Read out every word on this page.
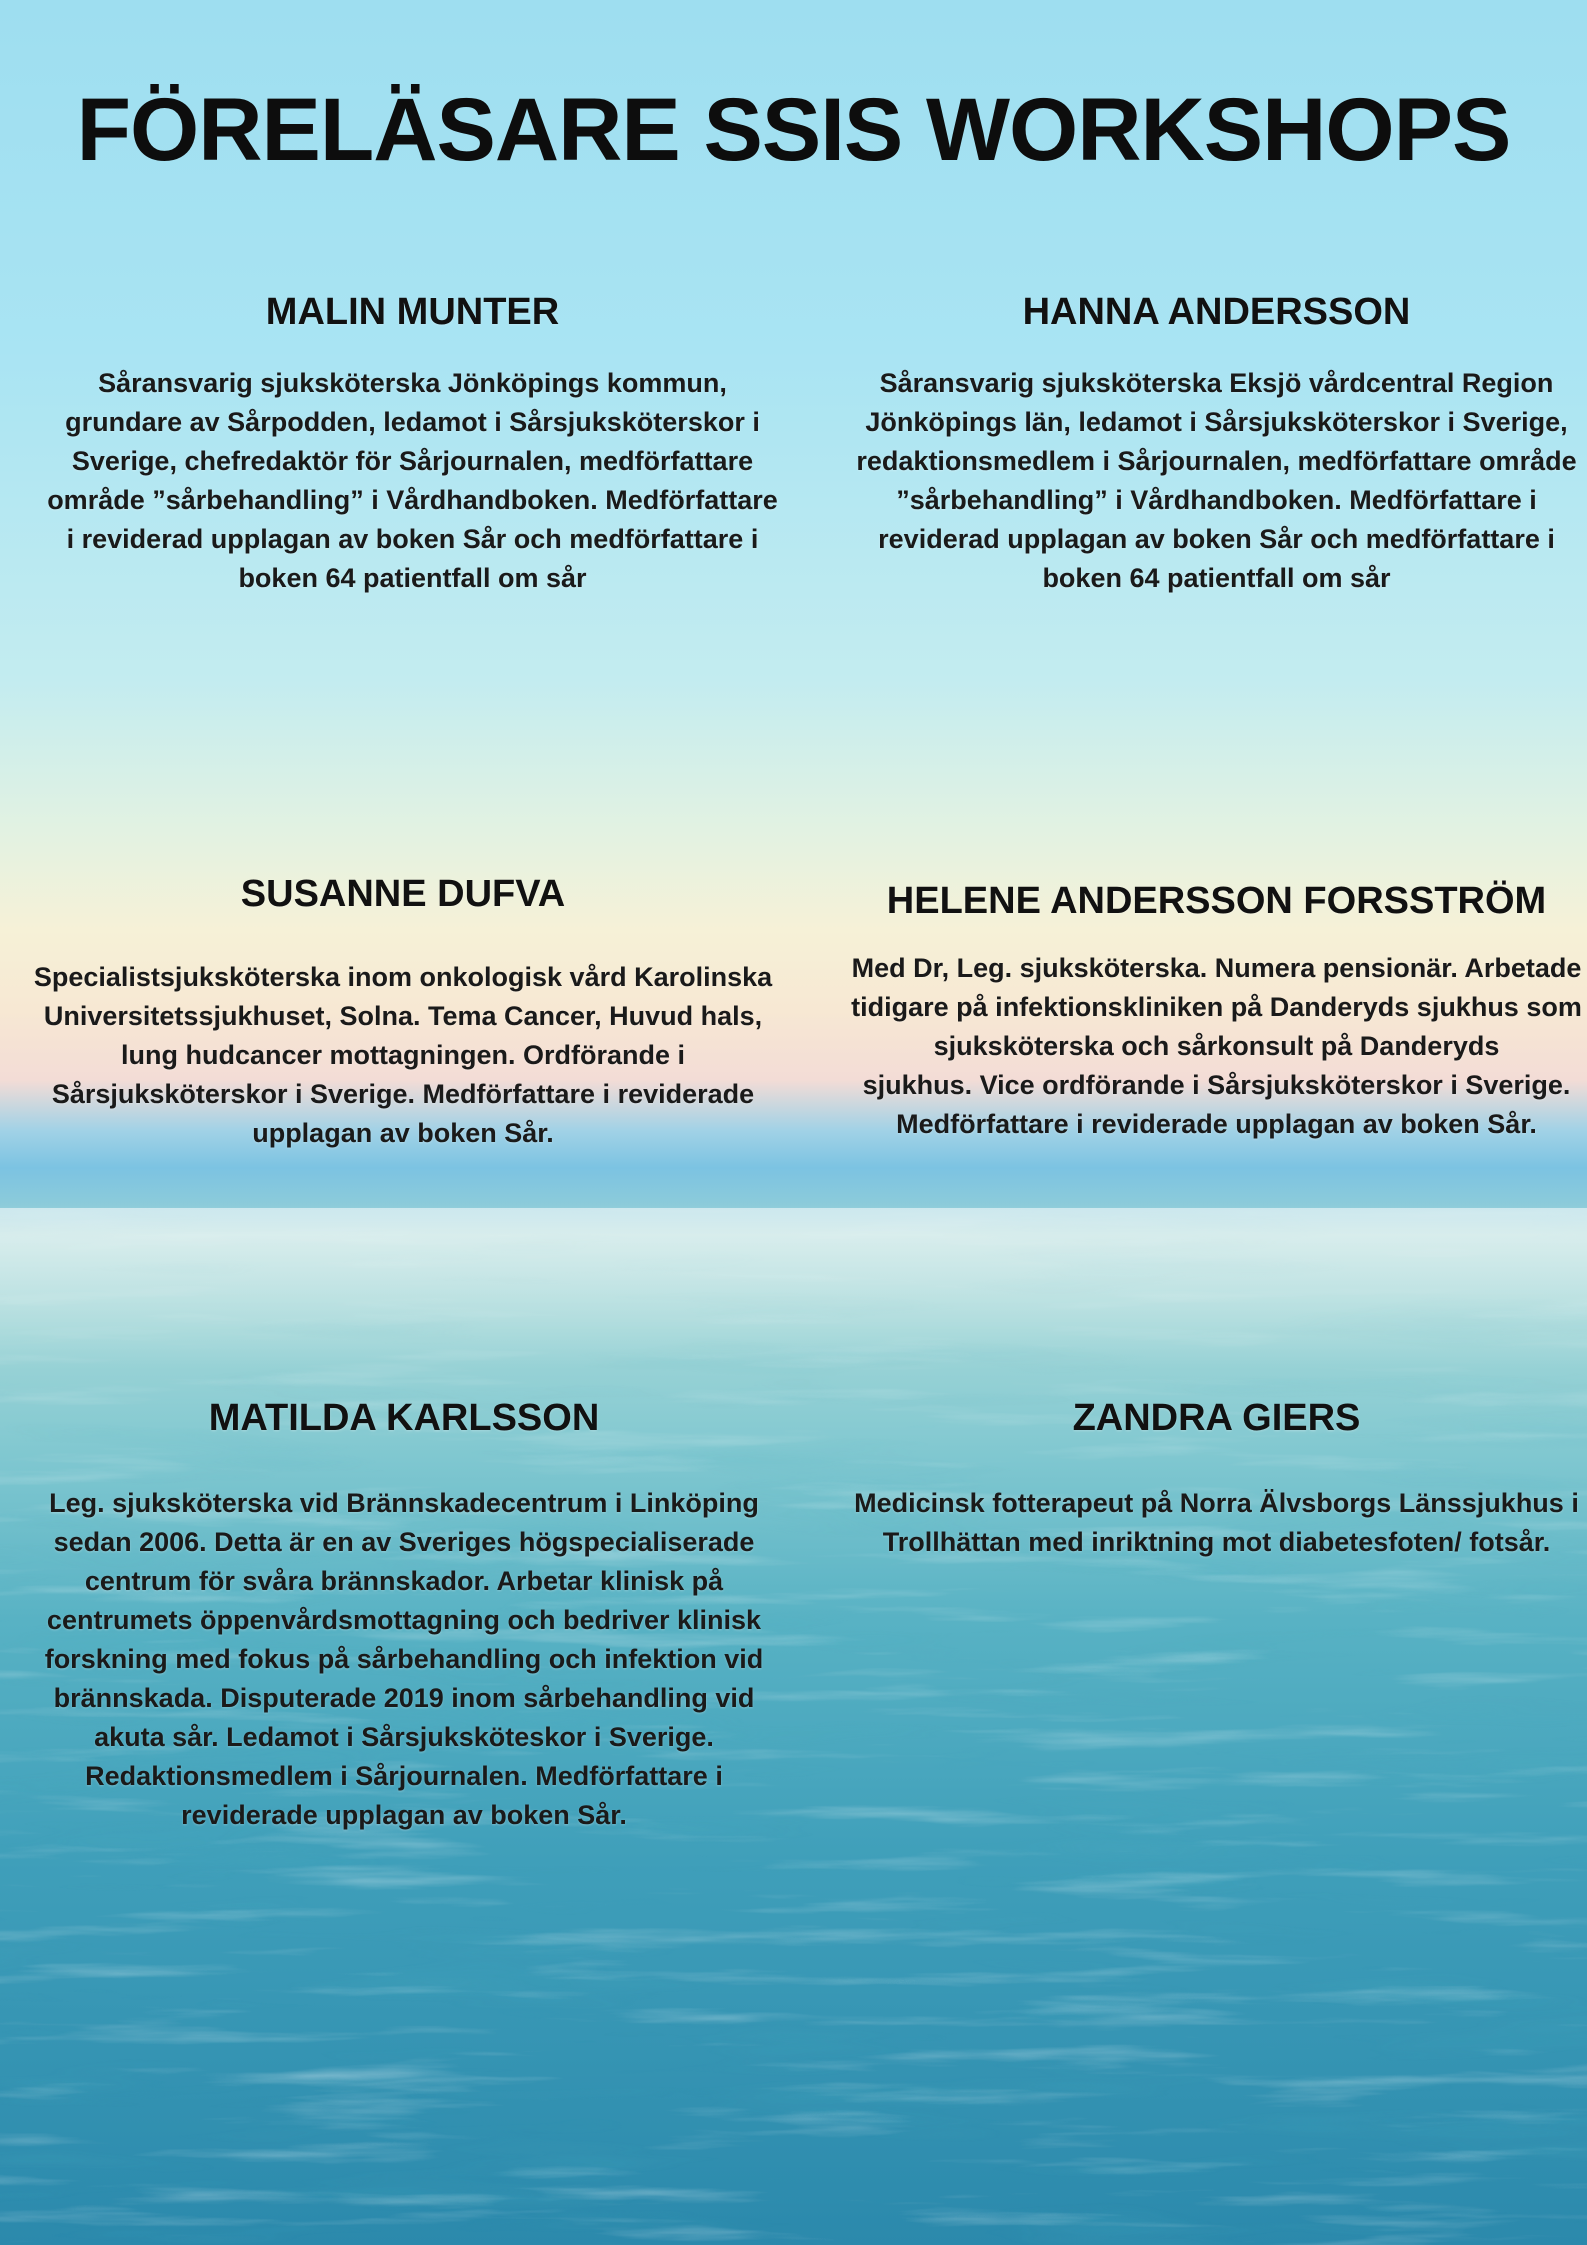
FÖRELÄSARE SSIS WORKSHOPS
MALIN MUNTER

Såransvarig sjuksköterska Jönköpings kommun, grundare av Sårpodden, ledamot i Sårsjuksköterskor i Sverige, chefredaktör för Sårjournalen, medförfattare område ”sårbehandling” i Vårdhandboken. Medförfattare i reviderad upplagan av boken Sår och medförfattare i boken 64 patientfall om sår

HANNA ANDERSSON

Såransvarig sjuksköterska Eksjö vårdcentral Region Jönköpings län, ledamot i Sårsjuksköterskor i Sverige, redaktionsmedlem i Sårjournalen, medförfattare område ”sårbehandling” i Vårdhandboken. Medförfattare i reviderad upplagan av boken Sår och medförfattare i boken 64 patientfall om sår

SUSANNE DUFVA

Specialistsjuksköterska inom onkologisk vård Karolinska Universitetssjukhuset, Solna. Tema Cancer, Huvud hals, lung hudcancer mottagningen. Ordförande i Sårsjuksköterskor i Sverige. Medförfattare i reviderade upplagan av boken Sår.

HELENE ANDERSSON FORSSTRÖM

Med Dr, Leg. sjuksköterska. Numera pensionär. Arbetade tidigare på infektionskliniken på Danderyds sjukhus som sjuksköterska och sårkonsult på Danderyds
sjukhus. Vice ordförande i Sårsjuksköterskor i Sverige. Medförfattare i reviderade upplagan av boken Sår.

MATILDA KARLSSON

Leg. sjuksköterska vid Brännskadecentrum i Linköping sedan 2006. Detta är en av Sveriges högspecialiserade centrum för svåra brännskador. Arbetar klinisk på centrumets öppenvårdsmottagning och bedriver klinisk forskning med fokus på sårbehandling och infektion vid brännskada. Disputerade 2019 inom sårbehandling vid akuta sår. Ledamot i Sårsjuksköteskor i Sverige. Redaktionsmedlem i Sårjournalen. Medförfattare i reviderade upplagan av boken Sår.

ZANDRA GIERS

Medicinsk fotterapeut på Norra Älvsborgs Länssjukhus i Trollhättan med inriktning mot diabetesfoten/ fotsår.
